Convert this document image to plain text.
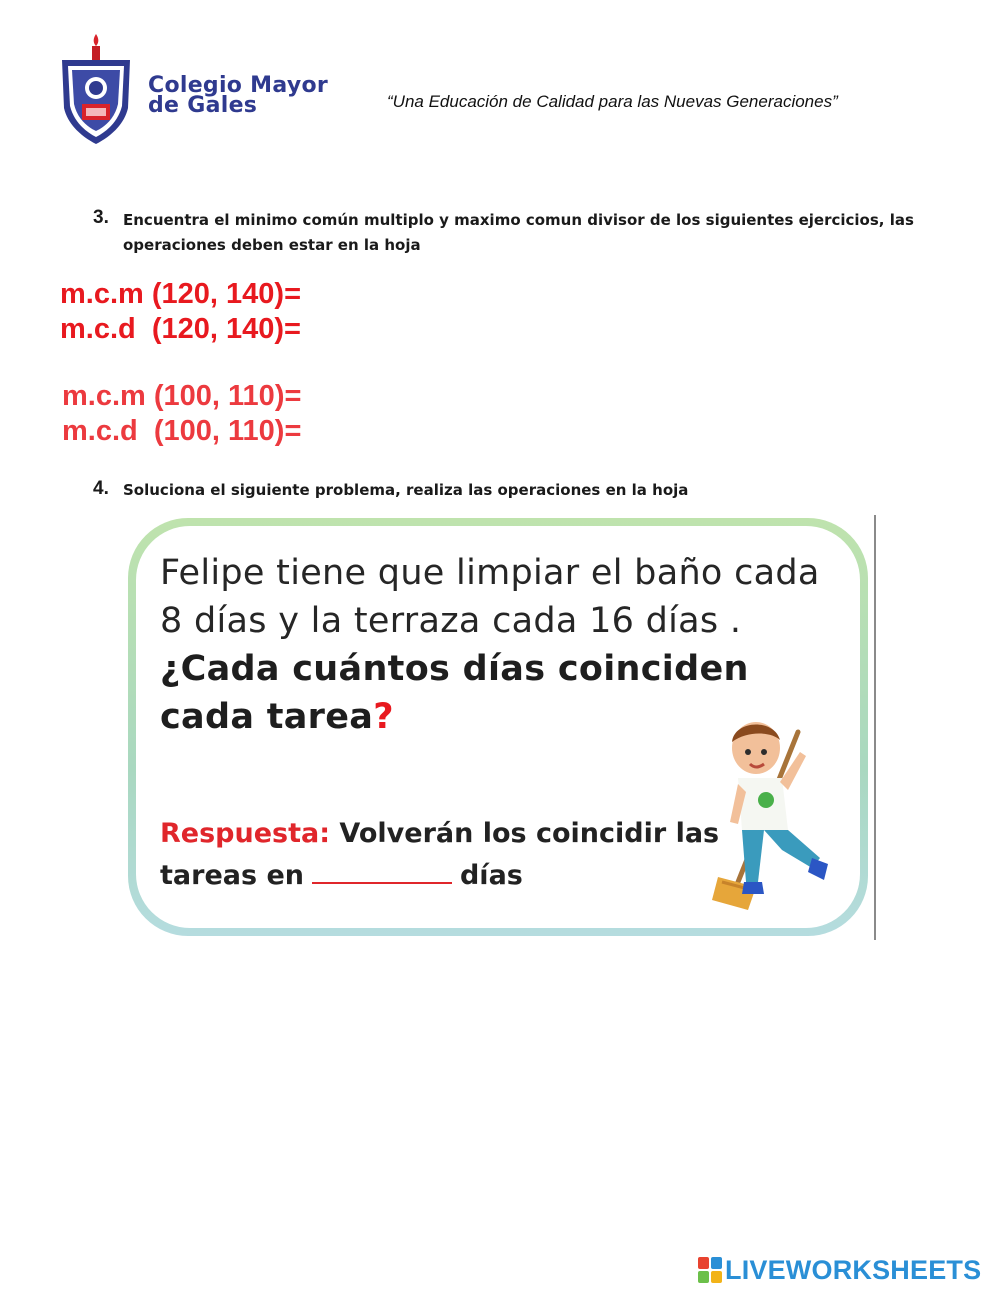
Colegio Mayor
de Gales	“Una Educación de Calidad para las Nuevas Generaciones”
3. Encuentra el minimo común multiplo y maximo comun divisor de los siguientes ejercicios, las operaciones deben estar en la hoja
m.c.m (120, 140)=
m.c.d  (120, 140)=
m.c.m (100, 110)=
m.c.d  (100, 110)=
4. Soluciona el siguiente problema, realiza las operaciones en la hoja
Felipe tiene que limpiar el baño cada 8 días y la terraza cada 16 días . ¿Cada cuántos días coinciden cada tarea?
Respuesta: Volverán los coincidir las tareas en	días
LIVEWORKSHEETS
